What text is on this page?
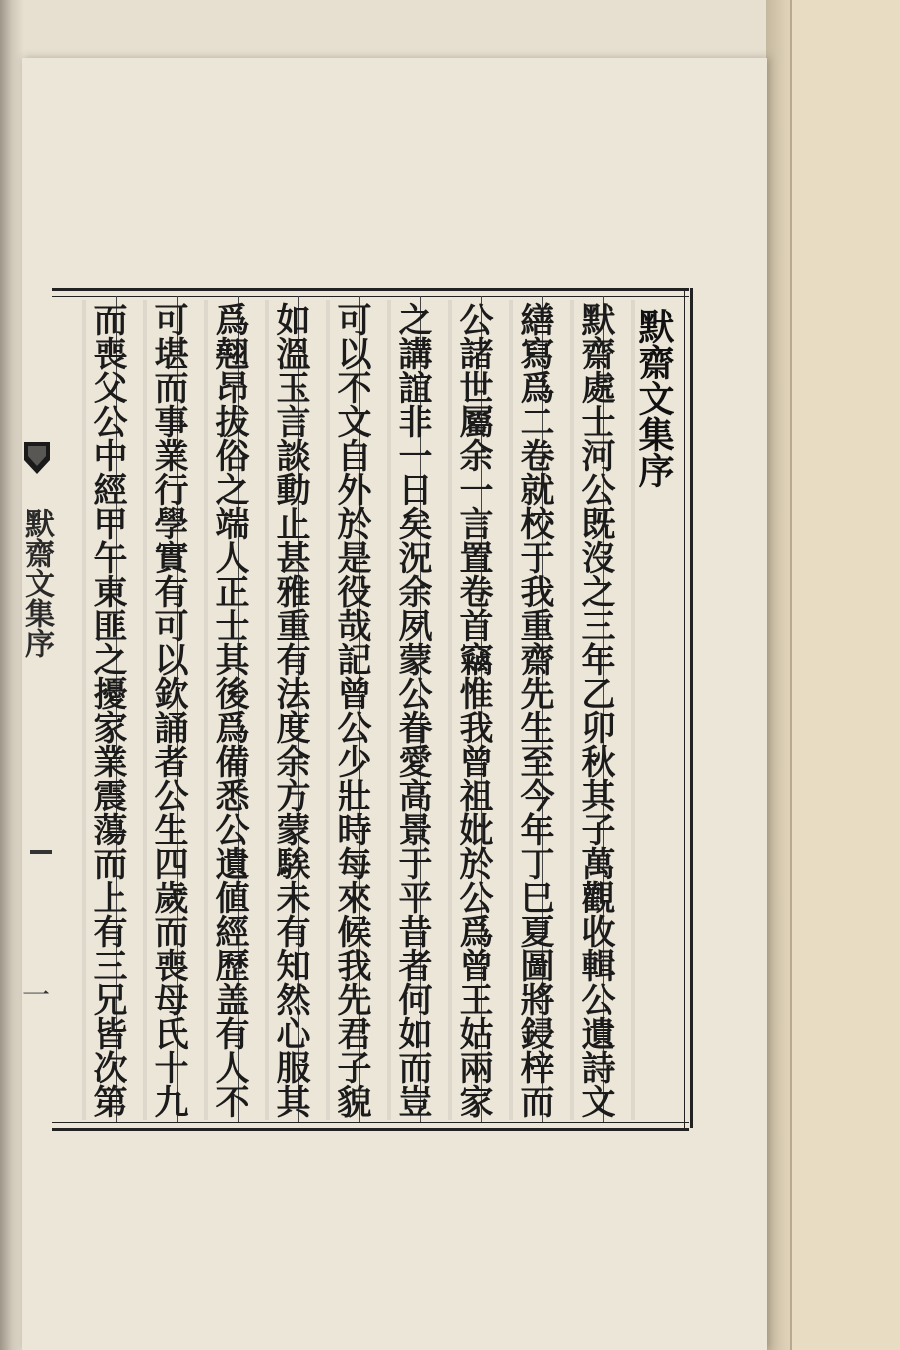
默齋文集序
一
默齋文集序
默齋處士河公既沒之三年乙卯秋其子萬觀收輯公遺詩文
繕寫爲二卷就校于我重齋先生至今年丁巳夏圖將鋟梓而
公諸世屬余一言置卷首竊惟我曾祖妣於公爲曾王姑兩家
之講誼非一日矣況余夙蒙公眷愛高景于平昔者何如而豈
可以不文自外於是役哉記曾公少壯時每來候我先君子貌
如溫玉言談動止甚雅重有法度余方蒙騃未有知然心服其
爲翹昂拔俗之端人正士其後爲備悉公遺値經歷盖有人不
可堪而事業行學實有可以欽誦者公生四歲而喪母氏十九
而喪父公中經甲午東匪之擾家業震蕩而上有三兄皆次第
